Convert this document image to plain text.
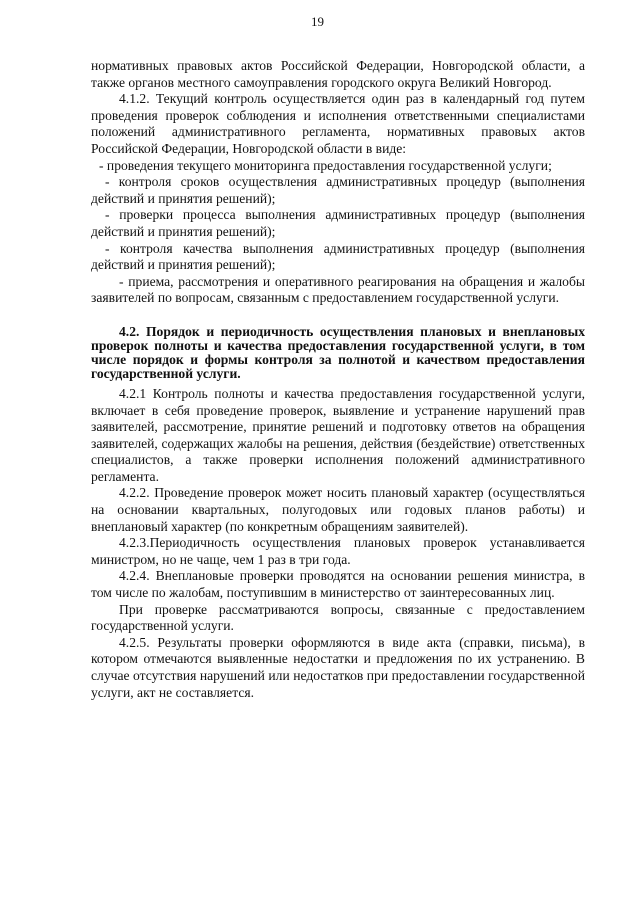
19

нормативных правовых актов Российской Федерации, Новгородской области, а также органов местного самоуправления городского округа Великий Новгород.

4.1.2. Текущий контроль осуществляется один раз в календарный год путем проведения проверок соблюдения и исполнения ответственными специалистами положений административного регламента, нормативных правовых актов Российской Федерации, Новгородской области в виде:

- проведения текущего мониторинга предоставления государственной услуги;

- контроля сроков осуществления административных процедур (выполнения действий и принятия решений);

- проверки процесса выполнения административных процедур (выполнения действий и принятия решений);

- контроля качества выполнения административных процедур (выполнения действий и принятия решений);

- приема, рассмотрения и оперативного реагирования на обращения и жалобы заявителей по вопросам, связанным с предоставлением государственной услуги.

4.2. Порядок и периодичность осуществления плановых и внеплановых проверок полноты и качества предоставления государственной услуги, в том числе порядок и формы контроля за полнотой и качеством предоставления государственной услуги.

4.2.1 Контроль полноты и качества предоставления государственной услуги, включает в себя проведение проверок, выявление и устранение нарушений прав заявителей, рассмотрение, принятие решений и подготовку ответов на обращения заявителей, содержащих жалобы на решения, действия (бездействие) ответственных специалистов, а также проверки исполнения положений административного регламента.

4.2.2. Проведение проверок может носить плановый характер (осуществляться на основании квартальных, полугодовых или годовых планов работы) и внеплановый характер (по конкретным обращениям заявителей).

4.2.3.Периодичность осуществления плановых проверок устанавливается министром, но не чаще, чем 1 раз в три года.

4.2.4. Внеплановые проверки проводятся на основании решения министра, в том числе по жалобам, поступившим в министерство от заинтересованных лиц.

При проверке рассматриваются вопросы, связанные с предоставлением государственной услуги.

4.2.5. Результаты проверки оформляются в виде акта (справки, письма), в котором отмечаются выявленные недостатки и предложения по их устранению. В случае отсутствия нарушений или недостатков при предоставлении государственной услуги, акт не составляется.
